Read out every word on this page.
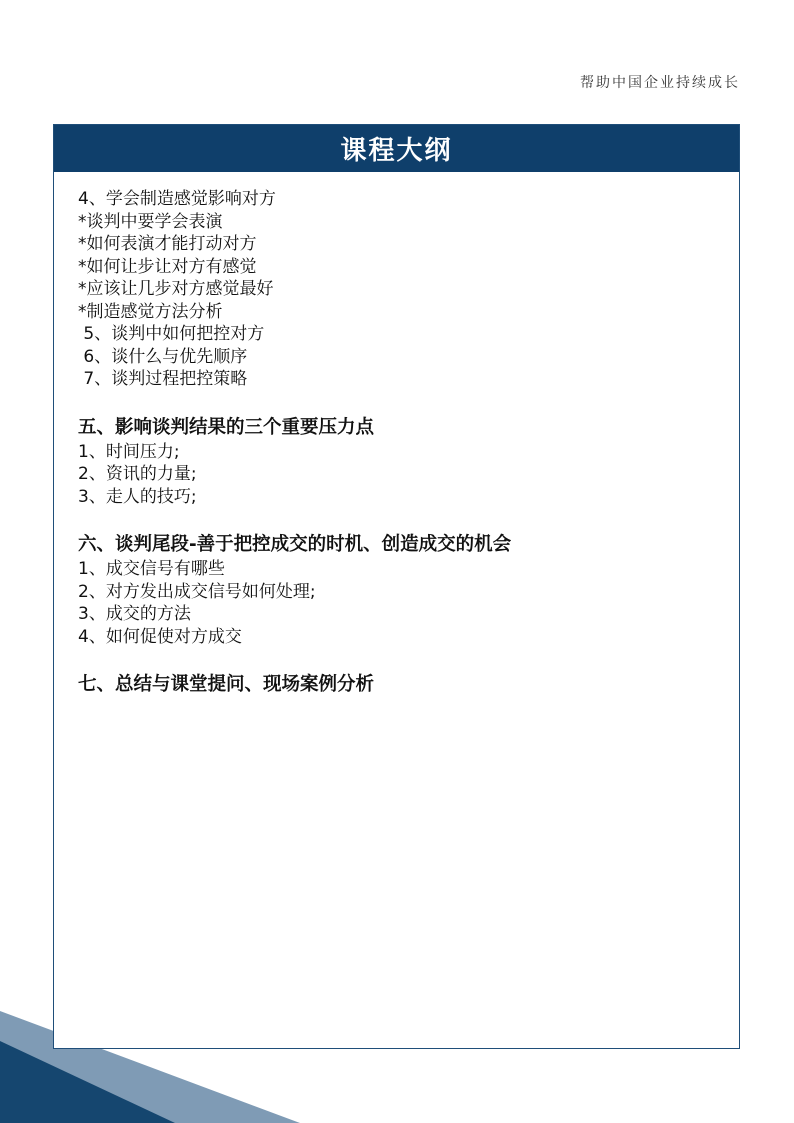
帮助中国企业持续成长
课程大纲
4、学会制造感觉影响对方
*谈判中要学会表演
*如何表演才能打动对方
*如何让步让对方有感觉
*应该让几步对方感觉最好
*制造感觉方法分析
5、谈判中如何把控对方
6、谈什么与优先顺序
7、谈判过程把控策略
五、影响谈判结果的三个重要压力点
1、时间压力;
2、资讯的力量;
3、走人的技巧;
六、谈判尾段-善于把控成交的时机、创造成交的机会
1、成交信号有哪些
2、对方发出成交信号如何处理;
3、成交的方法
4、如何促使对方成交
七、总结与课堂提问、现场案例分析
